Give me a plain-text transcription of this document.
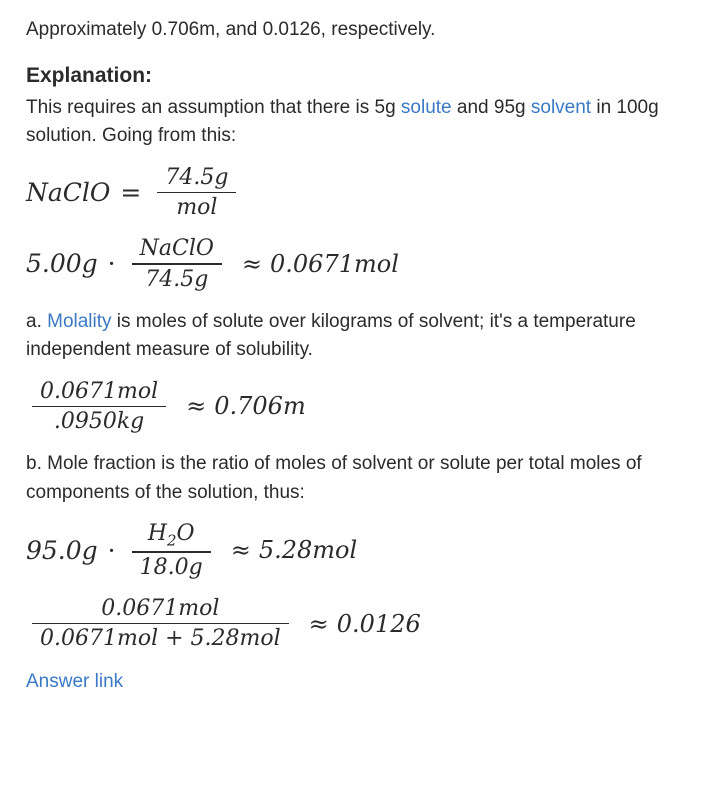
Approximately 0.706m, and 0.0126, respectively.
Explanation:
This requires an assumption that there is 5g solute and 95g solvent in 100g solution. Going from this:
NaClO = $\frac{74.5g}{\text{mol}}$
$5.00g \cdot \frac{\text{NaClO}}{74.5g} \approx 0.0671mol$
a. Molality is moles of solute over kilograms of solvent; it's a temperature independent measure of solubility.
$\frac{\text{0.0671mol}}{.0950kg} \approx 0.706m$
b. Mole fraction is the ratio of moles of solvent or solute per total moles of components of the solution, thus:
$95.0g \cdot \frac{H_2O}{18.0g} \approx 5.28mol$
$\frac{\text{0.0671mol}}{\text{0.0671mol + 5.28mol}} \approx 0.0126$
Answer link
